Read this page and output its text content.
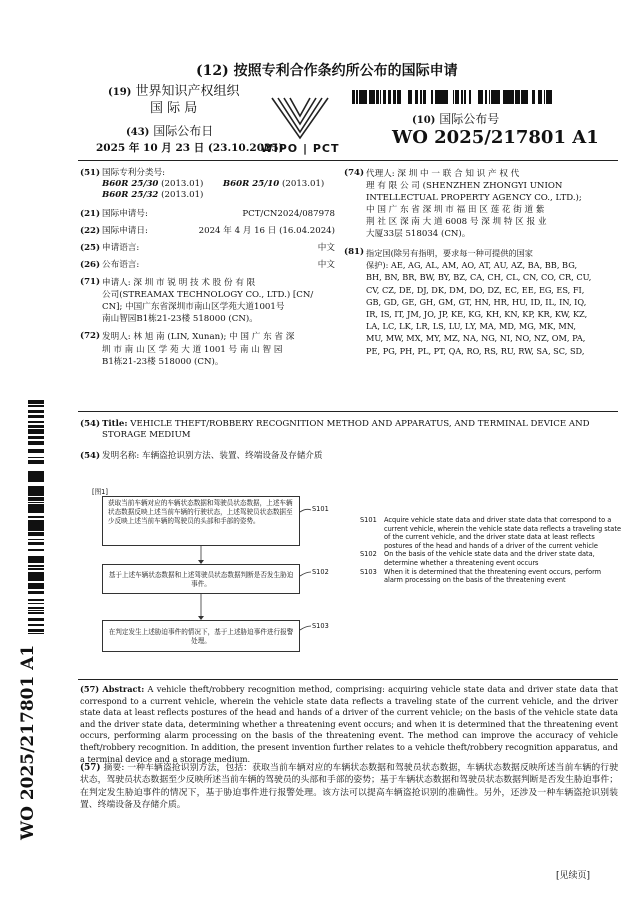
(12) 按照专利合作条约所公布的国际申请
(19) 世界知识产权组织
国 际 局
(43) 国际公布日
2025 年 10 月 23 日 (23.10.2025)
WIPO | PCT
(10) 国际公布号
WO 2025/217801 A1
(51) 国际专利分类号:
B60R 25/30 (2013.01) B60R 25/10 (2013.01)
B60R 25/32 (2013.01)
(21) 国际申请号:	PCT/CN2024/087978
(22) 国际申请日:	2024 年 4 月 16 日 (16.04.2024)
(25) 申请语言:	中文
(26) 公布语言:	中文
(71) 申请人: 深 圳 市 锐 明 技 术 股 份 有 限
公司(STREAMAX TECHNOLOGY CO., LTD.) [CN/
CN]; 中国广东省深圳市南山区学苑大道1001号
南山智园B1栋21-23楼 518000 (CN)。
(72) 发明人: 林 旭 南 (LIN, Xunan); 中 国 广 东 省 深
圳 市 南 山 区 学 苑 大 道 1001 号 南 山 智 园
B1栋21-23楼 518000 (CN)。
(74) 代理人: 深 圳 中 一 联 合 知 识 产 权 代
理 有 限 公 司 (SHENZHEN ZHONGYI UNION
INTELLECTUAL PROPERTY AGENCY CO., LTD.);
中 国 广 东 省 深 圳 市 福 田 区 莲 花 街 道 紫
荆 社 区 深 南 大 道 6008 号 深 圳 特 区 报 业
大厦33层 518034 (CN)。
(81) 指定国(除另有指明，要求每一种可提供的国家
保护): AE, AG, AL, AM, AO, AT, AU, AZ, BA, BB, BG,
BH, BN, BR, BW, BY, BZ, CA, CH, CL, CN, CO, CR, CU,
CV, CZ, DE, DJ, DK, DM, DO, DZ, EC, EE, EG, ES, FI,
GB, GD, GE, GH, GM, GT, HN, HR, HU, ID, IL, IN, IQ,
IR, IS, IT, JM, JO, JP, KE, KG, KH, KN, KP, KR, KW, KZ,
LA, LC, LK, LR, LS, LU, LY, MA, MD, MG, MK, MN,
MU, MW, MX, MY, MZ, NA, NG, NI, NO, NZ, OM, PA,
PE, PG, PH, PL, PT, QA, RO, RS, RU, RW, SA, SC, SD,
(54) Title: VEHICLE THEFT/ROBBERY RECOGNITION METHOD AND APPARATUS, AND TERMINAL DEVICE AND
STORAGE MEDIUM
(54) 发明名称: 车辆盗抢识别方法、装置、终端设备及存储介质
[图1]
获取当前车辆对应的车辆状态数据和驾驶员状态数据，上述车辆状态数据反映上述当前车辆的行驶状态，上述驾驶员状态数据至少反映上述当前车辆的驾驶员的头部和手部的姿势。
S101
基于上述车辆状态数据和上述驾驶员状态数据判断是否发生胁迫事件。
S102
在判定发生上述胁迫事件的情况下，基于上述胁迫事件进行报警处理。
S103
S101	Acquire vehicle state data and driver state data that correspond to a current vehicle, wherein the vehicle state data reflects a traveling state of the current vehicle, and the driver state data at least reflects postures of the head and hands of a driver of the current vehicle
S102	On the basis of the vehicle state data and the driver state data, determine whether a threatening event occurs
S103	When it is determined that the threatening event occurs, perform alarm processing on the basis of the threatening event
(57) Abstract: A vehicle theft/robbery recognition method, comprising: acquiring vehicle state data and driver state data that correspond to a current vehicle, wherein the vehicle state data reflects a traveling state of the current vehicle, and the driver state data at least reflects postures of the head and hands of a driver of the current vehicle; on the basis of the vehicle state data and the driver state data, determining whether a threatening event occurs; and when it is determined that the threatening event occurs, performing alarm processing on the basis of the threatening event. The method can improve the accuracy of vehicle theft/robbery recognition. In addition, the present invention further relates to a vehicle theft/robbery recognition apparatus, and a terminal device and a storage medium.
(57) 摘要: 一种车辆盗抢识别方法，包括：获取当前车辆对应的车辆状态数据和驾驶员状态数据，车辆状态数据反映所述当前车辆的行驶状态，驾驶员状态数据至少反映所述当前车辆的驾驶员的头部和手部的姿势；基于车辆状态数据和驾驶员状态数据判断是否发生胁迫事件；在判定发生胁迫事件的情况下，基于胁迫事件进行报警处理。该方法可以提高车辆盗抢识别的准确性。另外，还涉及一种车辆盗抢识别装置、终端设备及存储介质。
WO 2025/217801 A1
[见续页]
